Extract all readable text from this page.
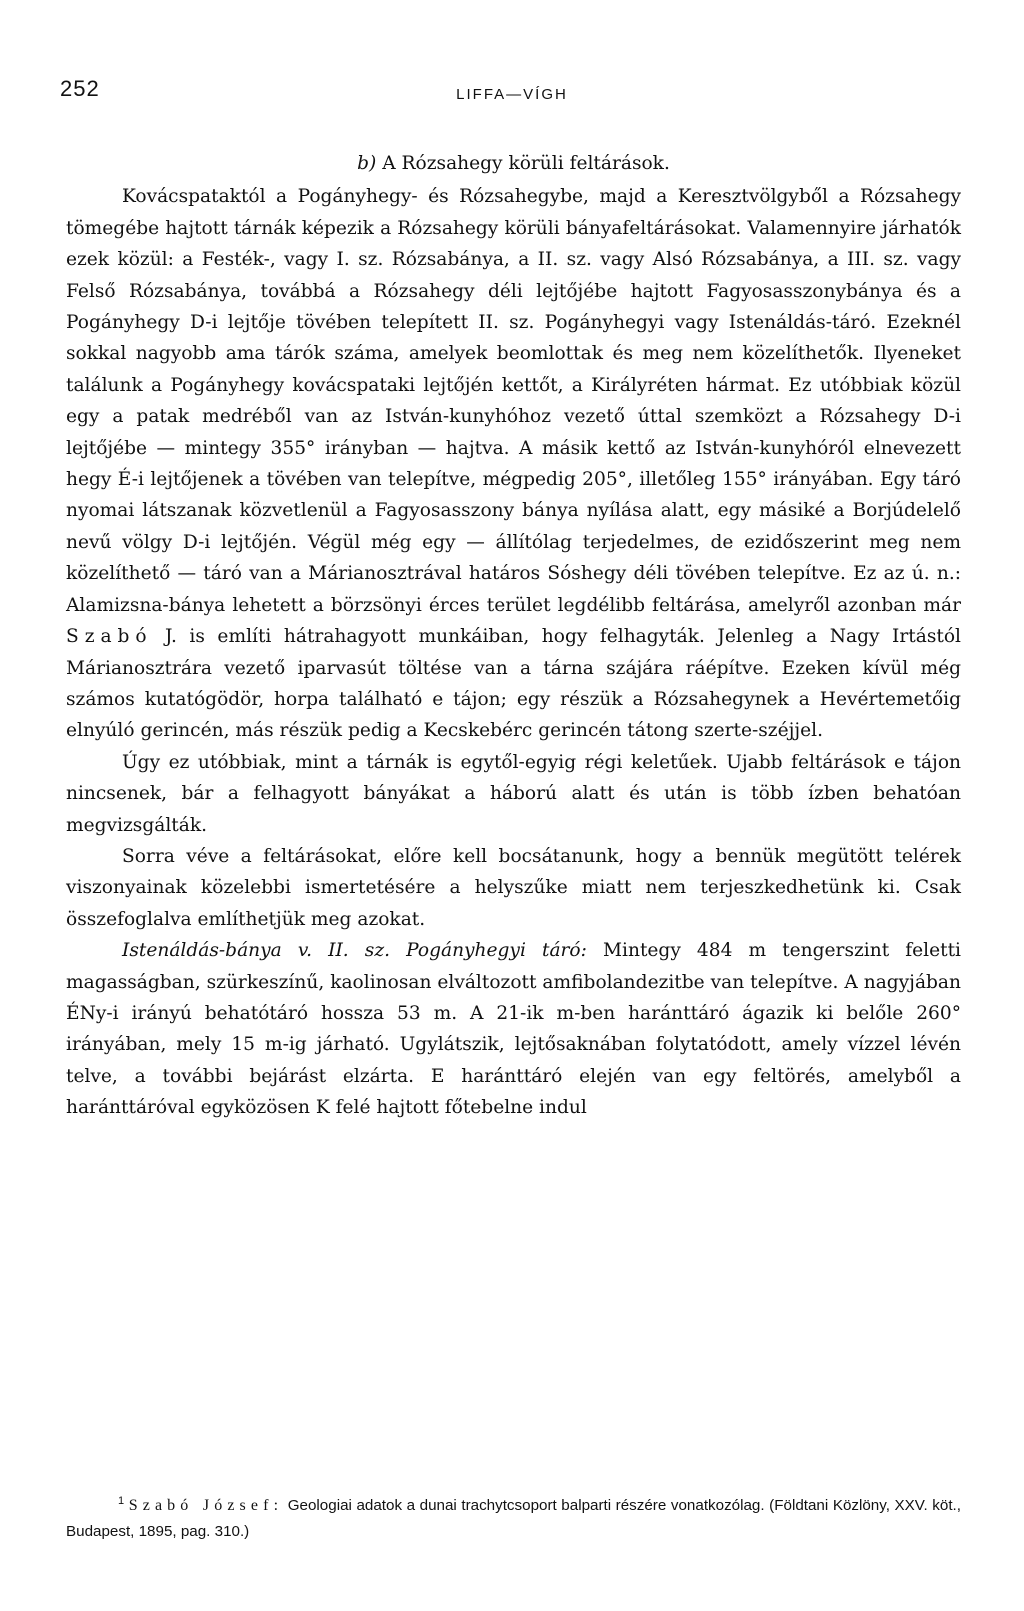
252	LIFFA—VÍGH

b) A Rózsahegy körüli feltárások.

Kovácspataktól a Pogányhegy- és Rózsahegybe, majd a Keresztvölgyből a Rózsahegy tömegébe hajtott tárnák képezik a Rózsahegy körüli bányafeltárásokat. Valamennyire járhatók ezek közül: a Festék-, vagy I. sz. Rózsabánya, a II. sz. vagy Alsó Rózsabánya, a III. sz. vagy Felső Rózsabánya, továbbá a Rózsahegy déli lejtőjébe hajtott Fagyosasszonybánya és a Pogányhegy D-i lejtője tövében telepített II. sz. Pogányhegyi vagy Istenáldás-táró. Ezeknél sokkal nagyobb ama tárók száma, amelyek beomlottak és meg nem közelíthetők. Ilyeneket találunk a Pogányhegy kovácspataki lejtőjén kettőt, a Királyréten hármat. Ez utóbbiak közül egy a patak medréből van az István-kunyhóhoz vezető úttal szemközt a Rózsahegy D-i lejtőjébe — mintegy 355° irányban — hajtva. A másik kettő az István-kunyhóról elnevezett hegy É-i lejtőjenek a tövében van telepítve, mégpedig 205°, illetőleg 155° irányában. Egy táró nyomai látszanak közvetlenül a Fagyosasszony bánya nyílása alatt, egy másiké a Borjúdelelő nevű völgy D-i lejtőjén. Végül még egy — állítólag terjedelmes, de ezidőszerint meg nem közelíthető — táró van a Márianosztrával határos Sóshegy déli tövében telepítve. Ez az ú. n.: Alamizsna-bánya lehetett a börzsönyi érces terület legdélibb feltárása, amelyről azonban már Szabó J. is említi hátrahagyott munkáiban, hogy felhagyták. Jelenleg a Nagy Irtástól Márianosztrára vezető iparvasút töltése van a tárna szájára ráépítve. Ezeken kívül még számos kutatógödör, horpa található e tájon; egy részük a Rózsahegynek a Hevértemetőig elnyúló gerincén, más részük pedig a Kecskebérc gerincén tátong szerte-széjjel.

Úgy ez utóbbiak, mint a tárnák is egytől-egyig régi keletűek. Ujabb feltárások e tájon nincsenek, bár a felhagyott bányákat a háború alatt és után is több ízben behatóan megvizsgálták.

Sorra véve a feltárásokat, előre kell bocsátanunk, hogy a bennük megütött telérek viszonyainak közelebbi ismertetésére a helyszűke miatt nem terjeszkedhetünk ki. Csak összefoglalva említhetjük meg azokat.

Istenáldás-bánya v. II. sz. Pogányhegyi táró: Mintegy 484 m tengerszint feletti magasságban, szürkeszínű, kaolinosan elváltozott amfibolandezitbe van telepítve. A nagyjában ÉNy-i irányú behatótáró hossza 53 m. A 21-ik m-ben haránttáró ágazik ki belőle 260° irányában, mely 15 m-ig járható. Ugylátszik, lejtősaknában folytatódott, amely vízzel lévén telve, a további bejárást elzárta. E haránttáró elején van egy feltörés, amelyből a haránttáróval egyközösen K felé hajtott főtebelne indul

$^1$ Szabó József: Geologiai adatok a dunai trachytcsoport balparti részére vonatkozólag. (Földtani Közlöny, XXV. köt., Budapest, 1895, pag. 310.)
